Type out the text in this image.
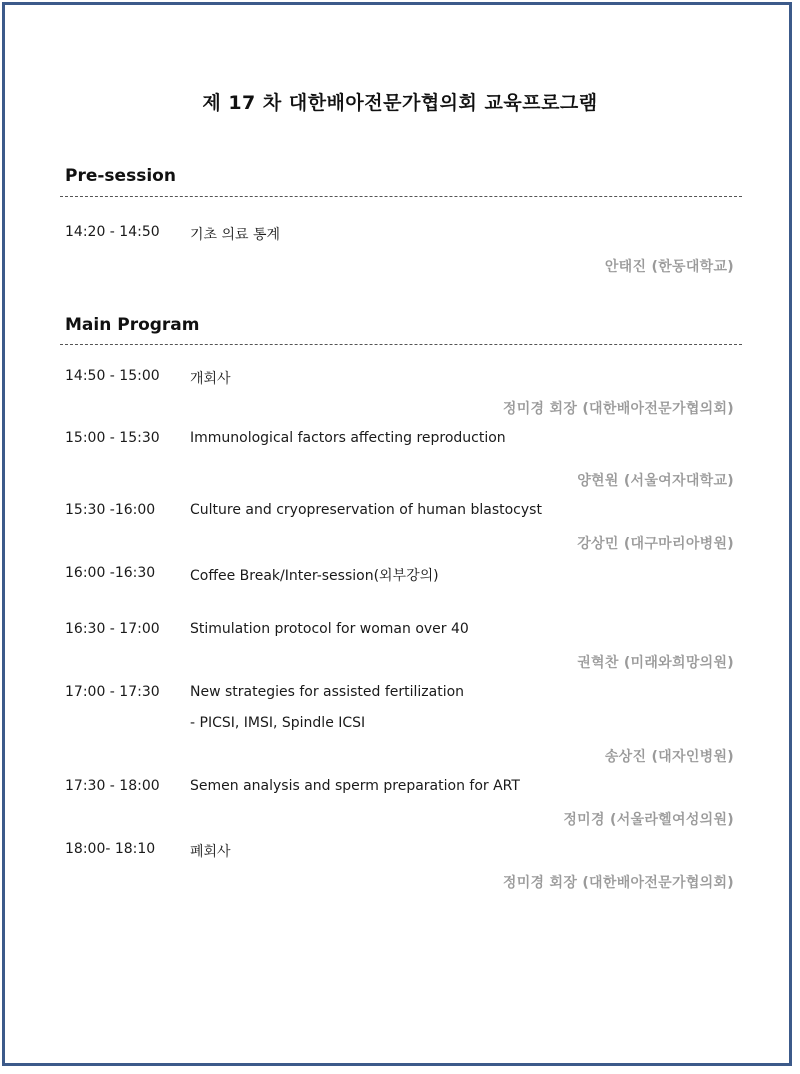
제 17 차 대한배아전문가협의회 교육프로그램
Pre-session
14:20 - 14:50 기초 의료 통계
안태진 (한동대학교)
Main Program
14:50 - 15:00 개회사
정미경 회장 (대한배아전문가협의회)
15:00 - 15:30 Immunological factors affecting reproduction
양현원 (서울여자대학교)
15:30 -16:00 Culture and cryopreservation of human blastocyst
강상민 (대구마리아병원)
16:00 -16:30 Coffee Break/Inter-session(외부강의)
16:30 - 17:00 Stimulation protocol for woman over 40
권혁찬 (미래와희망의원)
17:00 - 17:30 New strategies for assisted fertilization
- PICSI, IMSI, Spindle ICSI
송상진 (대자인병원)
17:30 - 18:00 Semen analysis and sperm preparation for ART
정미경 (서울라헬여성의원)
18:00- 18:10 폐회사
정미경 회장 (대한배아전문가협의회)
